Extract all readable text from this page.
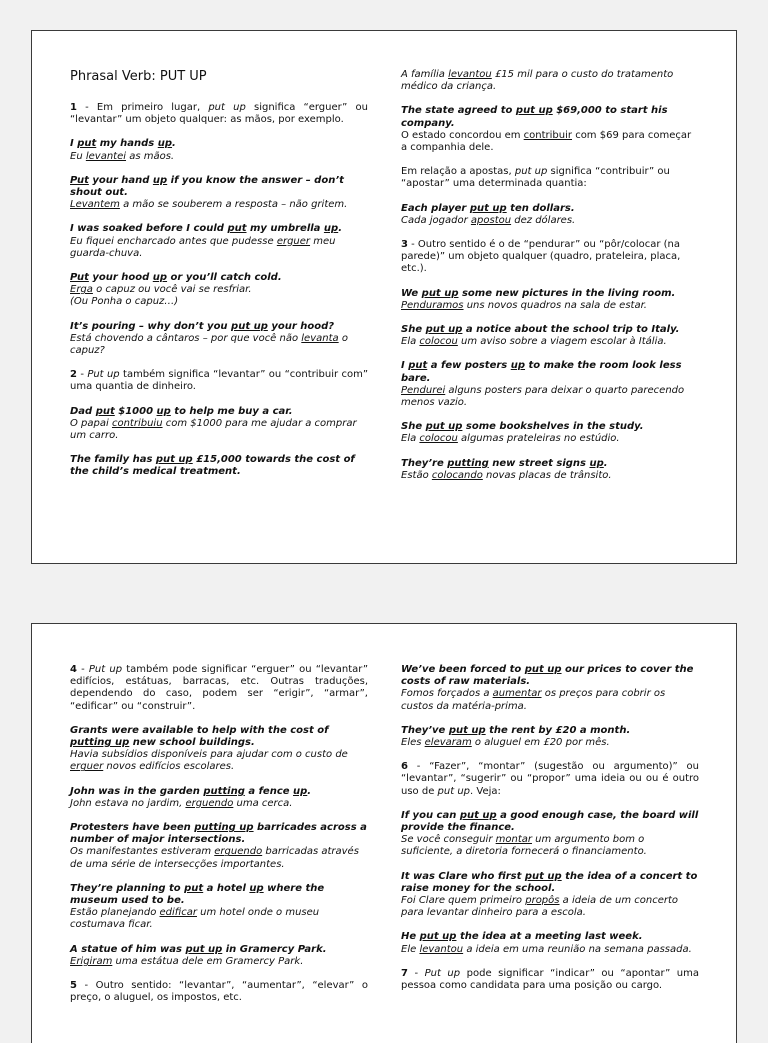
Phrasal Verb: PUT UP
1 - Em primeiro lugar, put up significa “erguer” ou “levantar” um objeto qualquer: as mãos, por exemplo.
I put my hands up.
Eu levantei as mãos.
Put your hand up if you know the answer – don’t shout out.
Levantem a mão se souberem a resposta – não gritem.
I was soaked before I could put my umbrella up.
Eu fiquei encharcado antes que pudesse erguer meu guarda-chuva.
Put your hood up or you’ll catch cold.
Erga o capuz ou você vai se resfriar.
(Ou Ponha o capuz…)
It’s pouring – why don’t you put up your hood?
Está chovendo a cântaros – por que você não levanta o capuz?
2 - Put up também significa “levantar” ou “contribuir com” uma quantia de dinheiro.
Dad put $1000 up to help me buy a car.
O papai contribuiu com $1000 para me ajudar a comprar um carro.
The family has put up £15,000 towards the cost of the child’s medical treatment.
A família levantou £15 mil para o custo do tratamento médico da criança.
The state agreed to put up $69,000 to start his company.
O estado concordou em contribuir com $69 para começar a companhia dele.
Em relação a apostas, put up significa “contribuir” ou “apostar” uma determinada quantia:
Each player put up ten dollars.
Cada jogador apostou dez dólares.
3 - Outro sentido é o de “pendurar” ou “pôr/colocar (na parede)” um objeto qualquer (quadro, prateleira, placa, etc.).
We put up some new pictures in the living room.
Penduramos uns novos quadros na sala de estar.
She put up a notice about the school trip to Italy.
Ela colocou um aviso sobre a viagem escolar à Itália.
I put a few posters up to make the room look less bare.
Pendurei alguns posters para deixar o quarto parecendo menos vazio.
She put up some bookshelves in the study.
Ela colocou algumas prateleiras no estúdio.
They’re putting new street signs up.
Estão colocando novas placas de trânsito.
4 - Put up também pode significar “erguer” ou “levantar” edifícios, estátuas, barracas, etc. Outras traduções, dependendo do caso, podem ser “erigir”, “armar”, “edificar” ou “construir”.
Grants were available to help with the cost of putting up new school buildings.
Havia subsídios disponíveis para ajudar com o custo de erguer novos edifícios escolares.
John was in the garden putting a fence up.
John estava no jardim, erguendo uma cerca.
Protesters have been putting up barricades across a number of major intersections.
Os manifestantes estiveram erguendo barricadas através de uma série de intersecções importantes.
They’re planning to put a hotel up where the museum used to be.
Estão planejando edificar um hotel onde o museu costumava ficar.
A statue of him was put up in Gramercy Park.
Erigiram uma estátua dele em Gramercy Park.
5 - Outro sentido: “levantar”, “aumentar”, “elevar” o preço, o aluguel, os impostos, etc.
We’ve been forced to put up our prices to cover the costs of raw materials.
Fomos forçados a aumentar os preços para cobrir os custos da matéria-prima.
They’ve put up the rent by £20 a month.
Eles elevaram o aluguel em £20 por mês.
6 - “Fazer”, “montar” (sugestão ou argumento)” ou “levantar”, “sugerir” ou “propor” uma ideia ou ou é outro uso de put up. Veja:
If you can put up a good enough case, the board will provide the finance.
Se você conseguir montar um argumento bom o suficiente, a diretoria fornecerá o financiamento.
It was Clare who first put up the idea of a concert to raise money for the school.
Foi Clare quem primeiro propôs a ideia de um concerto para levantar dinheiro para a escola.
He put up the idea at a meeting last week.
Ele levantou a ideia em uma reunião na semana passada.
7 - Put up pode significar “indicar” ou “apontar” uma pessoa como candidata para uma posição ou cargo.
